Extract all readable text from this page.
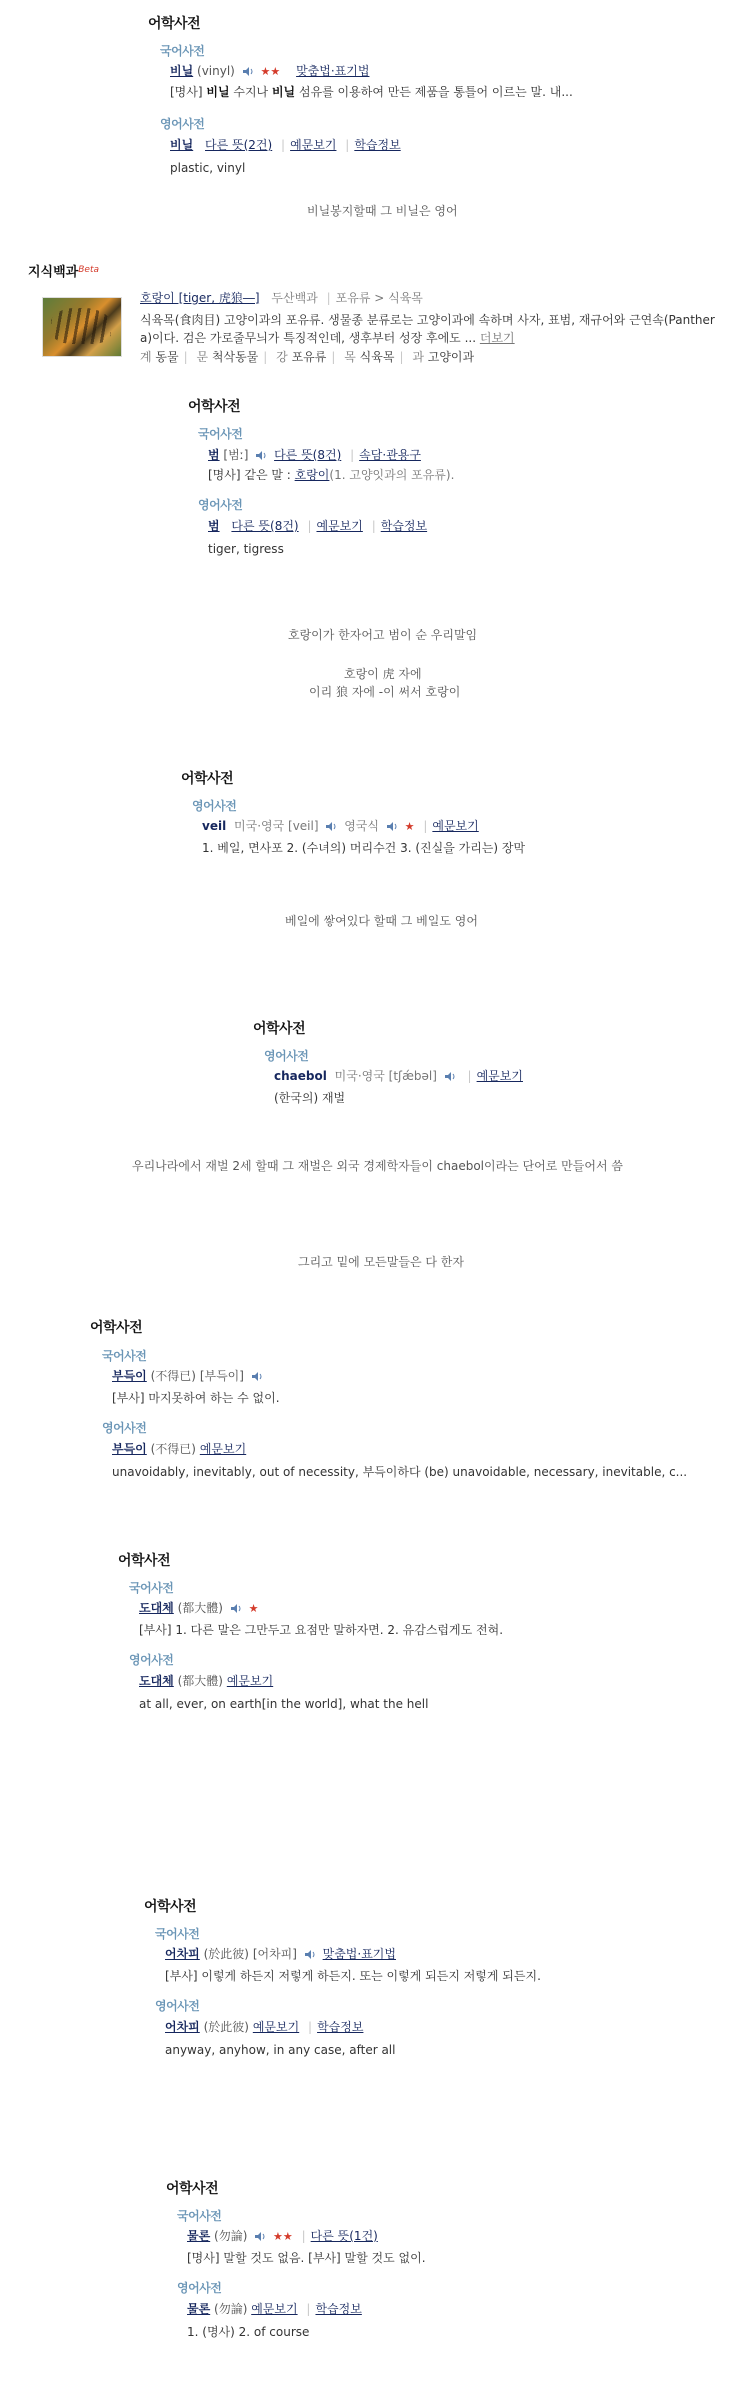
어학사전
국어사전
비닐 (vinyl) ★★ 맞춤법·표기법
[명사] 비닐 수지나 비닐 섬유를 이용하여 만든 제품을 통틀어 이르는 말. 내...
영어사전
비닐 다른 뜻(2건) | 예문보기 | 학습정보
plastic, vinyl
비닐봉지할때 그 비닐은 영어
지식백과$^{Beta}$
호랑이 [tiger, 虎狼―] 두산백과 | 포유류 > 식육목
식육목(食肉目) 고양이과의 포유류. 생물종 분류로는 고양이과에 속하며 사자, 표범, 재규어와 근연속(Panther
a)이다. 검은 가로줄무늬가 특징적인데, 생후부터 성장 후에도 ... 더보기
계 동물 | 문 척삭동물 | 강 포유류 | 목 식육목 | 과 고양이과
어학사전
국어사전
범 [범ː] 다른 뜻(8건) | 속담·관용구
[명사] 같은 말 : 호랑이(1. 고양잇과의 포유류).
영어사전
범 다른 뜻(8건) | 예문보기 | 학습정보
tiger, tigress
호랑이가 한자어고 범이 순 우리말임
호랑이 虎 자에
이리 狼 자에 -이 써서 호랑이
어학사전
영어사전
veil 미국·영국 [veil] 영국식 ★ | 예문보기
1. 베일, 면사포 2. (수녀의) 머리수건 3. (진실을 가리는) 장막
베일에 쌓여있다 할때 그 베일도 영어
어학사전
영어사전
chaebol 미국·영국 [tʃǽbəl]	| 예문보기
(한국의) 재벌
우리나라에서 재벌 2세 할때 그 재벌은 외국 경제학자들이 chaebol이라는 단어로 만들어서 씀
그리고 밑에 모든말들은 다 한자
어학사전
국어사전
부득이 (不得已) [부득이]
[부사] 마지못하여 하는 수 없이.
영어사전
부득이 (不得已) 예문보기
unavoidably, inevitably, out of necessity, 부득이하다 (be) unavoidable, necessary, inevitable, c...
어학사전
국어사전
도대체 (都大體) ★
[부사] 1. 다른 말은 그만두고 요점만 말하자면. 2. 유감스럽게도 전혀.
영어사전
도대체 (都大體) 예문보기
at all, ever, on earth[in the world], what the hell
어학사전
국어사전
어차피 (於此彼) [어차피] 맞춤법·표기법
[부사] 이렇게 하든지 저렇게 하든지. 또는 이렇게 되든지 저렇게 되든지.
영어사전
어차피 (於此彼) 예문보기 | 학습정보
anyway, anyhow, in any case, after all
어학사전
국어사전
물론 (勿論) ★★ | 다른 뜻(1건)
[명사] 말할 것도 없음. [부사] 말할 것도 없이.
영어사전
물론 (勿論) 예문보기 | 학습정보
1. (명사) 2. of course
